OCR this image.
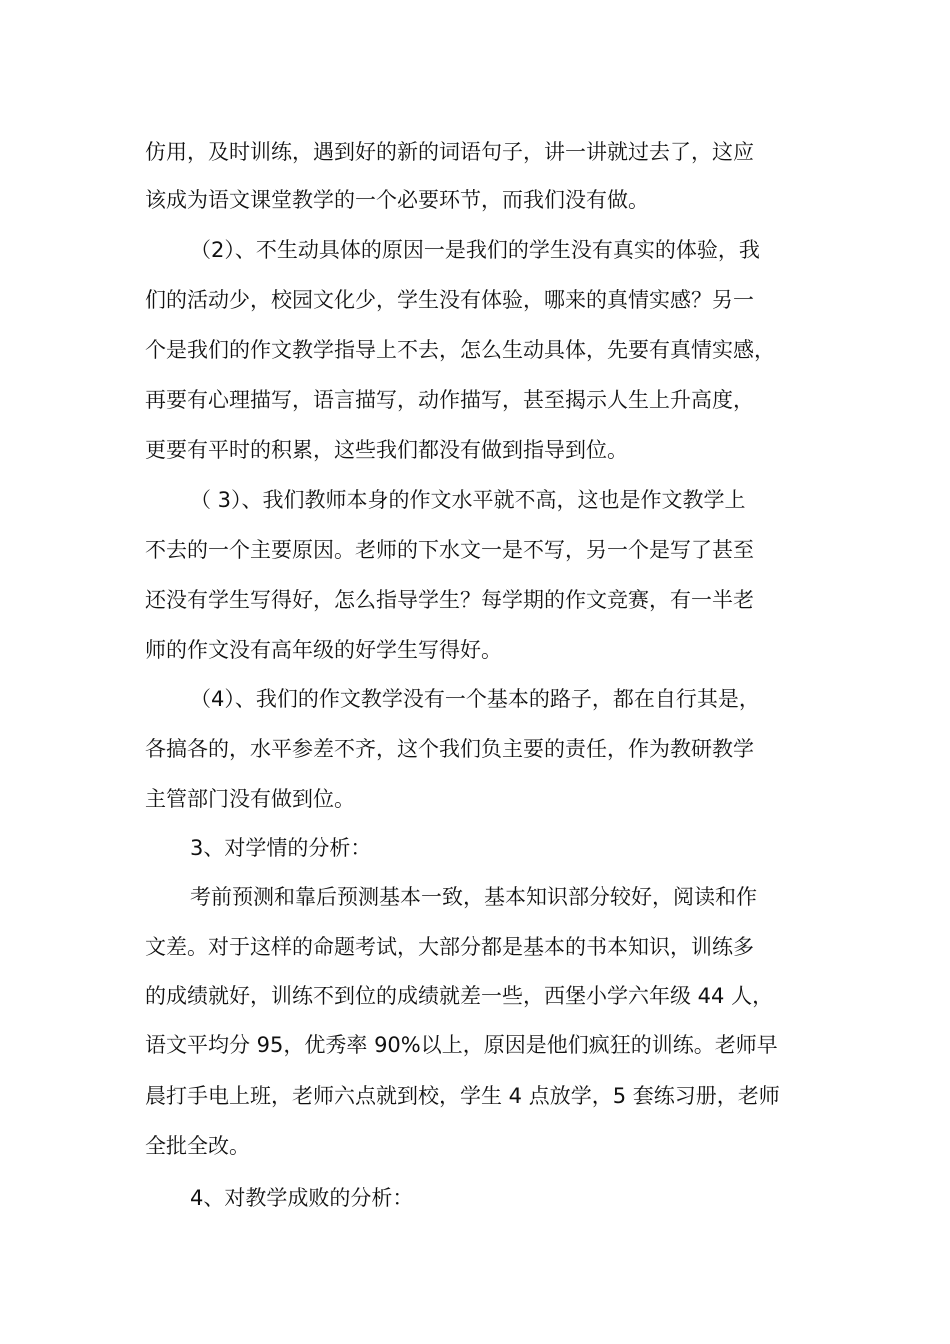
仿用，及时训练，遇到好的新的词语句子，讲一讲就过去了，这应
该成为语文课堂教学的一个必要环节，而我们没有做。
（2）、不生动具体的原因一是我们的学生没有真实的体验，我
们的活动少，校园文化少，学生没有体验，哪来的真情实感？另一
个是我们的作文教学指导上不去，怎么生动具体，先要有真情实感，
再要有心理描写，语言描写，动作描写，甚至揭示人生上升高度，
更要有平时的积累，这些我们都没有做到指导到位。
（ 3）、我们教师本身的作文水平就不高，这也是作文教学上
不去的一个主要原因。老师的下水文一是不写，另一个是写了甚至
还没有学生写得好，怎么指导学生？每学期的作文竞赛，有一半老
师的作文没有高年级的好学生写得好。
（4）、我们的作文教学没有一个基本的路子，都在自行其是，
各搞各的，水平参差不齐，这个我们负主要的责任，作为教研教学
主管部门没有做到位。
3、对学情的分析：
考前预测和靠后预测基本一致，基本知识部分较好，阅读和作
文差。对于这样的命题考试，大部分都是基本的书本知识，训练多
的成绩就好，训练不到位的成绩就差一些，西堡小学六年级 44 人，
语文平均分 95，优秀率 90%以上，原因是他们疯狂的训练。老师早
晨打手电上班，老师六点就到校，学生 4 点放学，5 套练习册，老师
全批全改。
4、对教学成败的分析：
